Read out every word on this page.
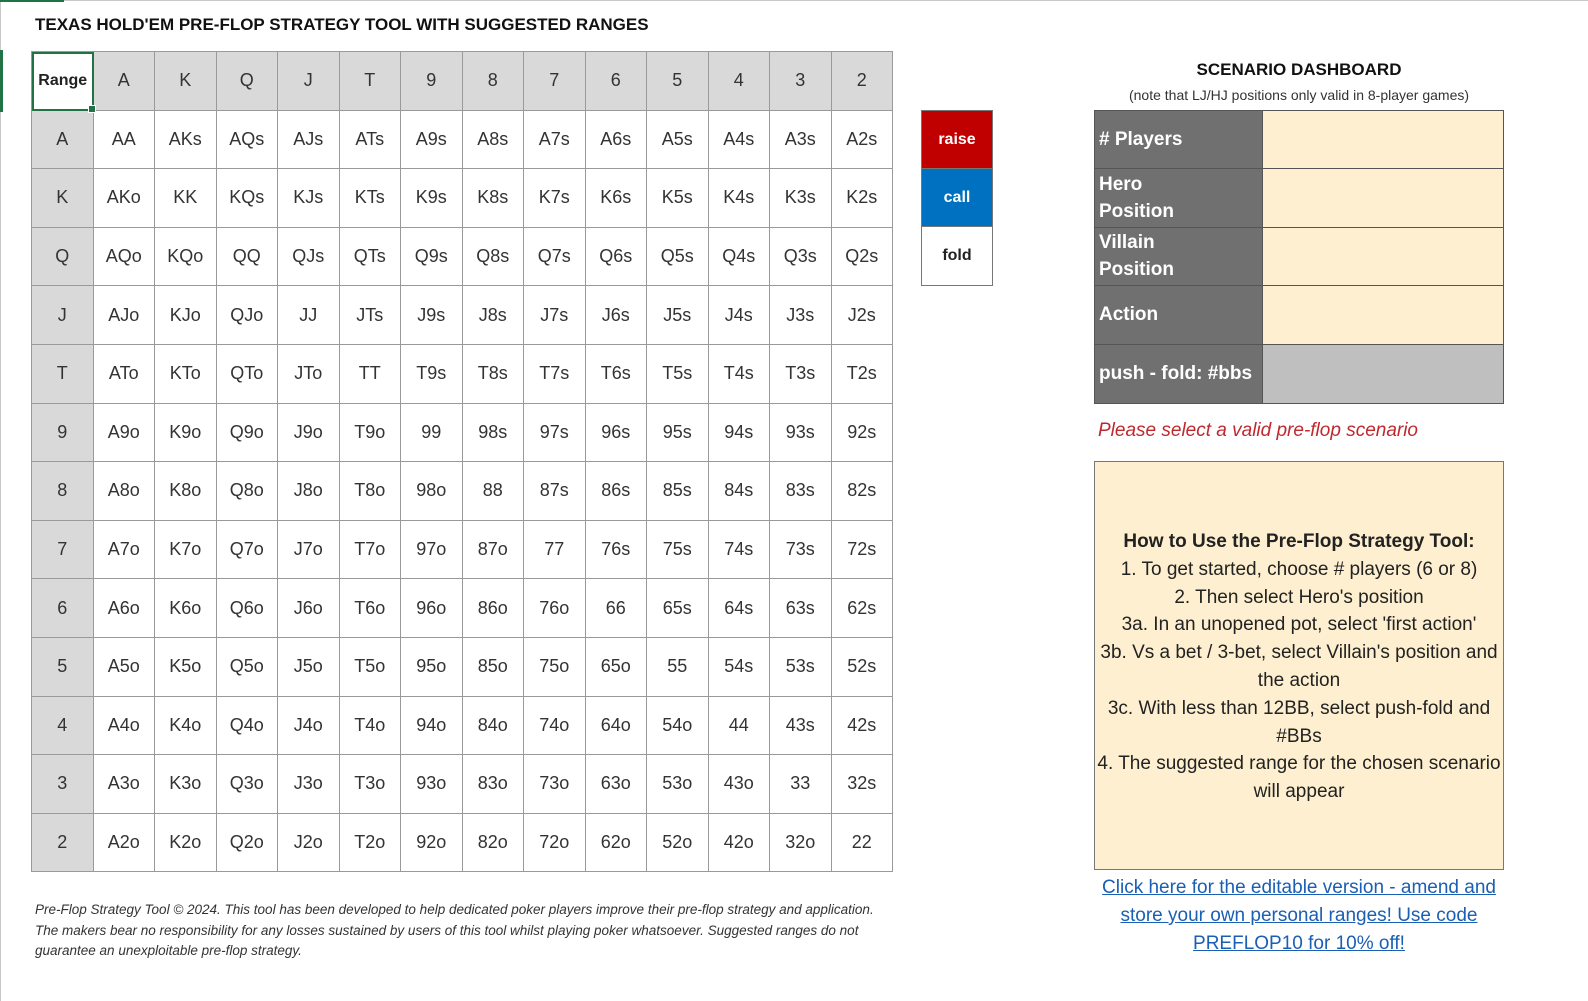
TEXAS HOLD'EM PRE-FLOP STRATEGY TOOL WITH SUGGESTED RANGES
Range	A	K	Q	J	T	9	8	7	6	5	4	3	2
A	AA	AKs	AQs	AJs	ATs	A9s	A8s	A7s	A6s	A5s	A4s	A3s	A2s
K	AKo	KK	KQs	KJs	KTs	K9s	K8s	K7s	K6s	K5s	K4s	K3s	K2s
Q	AQo	KQo	QQ	QJs	QTs	Q9s	Q8s	Q7s	Q6s	Q5s	Q4s	Q3s	Q2s
J	AJo	KJo	QJo	JJ	JTs	J9s	J8s	J7s	J6s	J5s	J4s	J3s	J2s
T	ATo	KTo	QTo	JTo	TT	T9s	T8s	T7s	T6s	T5s	T4s	T3s	T2s
9	A9o	K9o	Q9o	J9o	T9o	99	98s	97s	96s	95s	94s	93s	92s
8	A8o	K8o	Q8o	J8o	T8o	98o	88	87s	86s	85s	84s	83s	82s
7	A7o	K7o	Q7o	J7o	T7o	97o	87o	77	76s	75s	74s	73s	72s
6	A6o	K6o	Q6o	J6o	T6o	96o	86o	76o	66	65s	64s	63s	62s
5	A5o	K5o	Q5o	J5o	T5o	95o	85o	75o	65o	55	54s	53s	52s
4	A4o	K4o	Q4o	J4o	T4o	94o	84o	74o	64o	54o	44	43s	42s
3	A3o	K3o	Q3o	J3o	T3o	93o	83o	73o	63o	53o	43o	33	32s
2	A2o	K2o	Q2o	J2o	T2o	92o	82o	72o	62o	52o	42o	32o	22
raise
call
fold
SCENARIO DASHBOARD
(note that LJ/HJ positions only valid in 8-player games)
# Players
Hero
Position
Villain
Position
Action
push - fold: #bbs
Please select a valid pre-flop scenario
How to Use the Pre-Flop Strategy Tool:
1. To get started, choose # players (6 or 8)
2. Then select Hero's position
3a. In an unopened pot, select 'first action'
3b. Vs a bet / 3-bet, select Villain's position and the action
3c. With less than 12BB, select push-fold and #BBs
4. The suggested range for the chosen scenario will appear
Click here for the editable version - amend and store your own personal ranges! Use code PREFLOP10 for 10% off!
Pre-Flop Strategy Tool © 2024. This tool has been developed to help dedicated poker players improve their pre-flop strategy and application. The makers bear no responsibility for any losses sustained by users of this tool whilst playing poker whatsoever. Suggested ranges do not guarantee an unexploitable pre-flop strategy.
